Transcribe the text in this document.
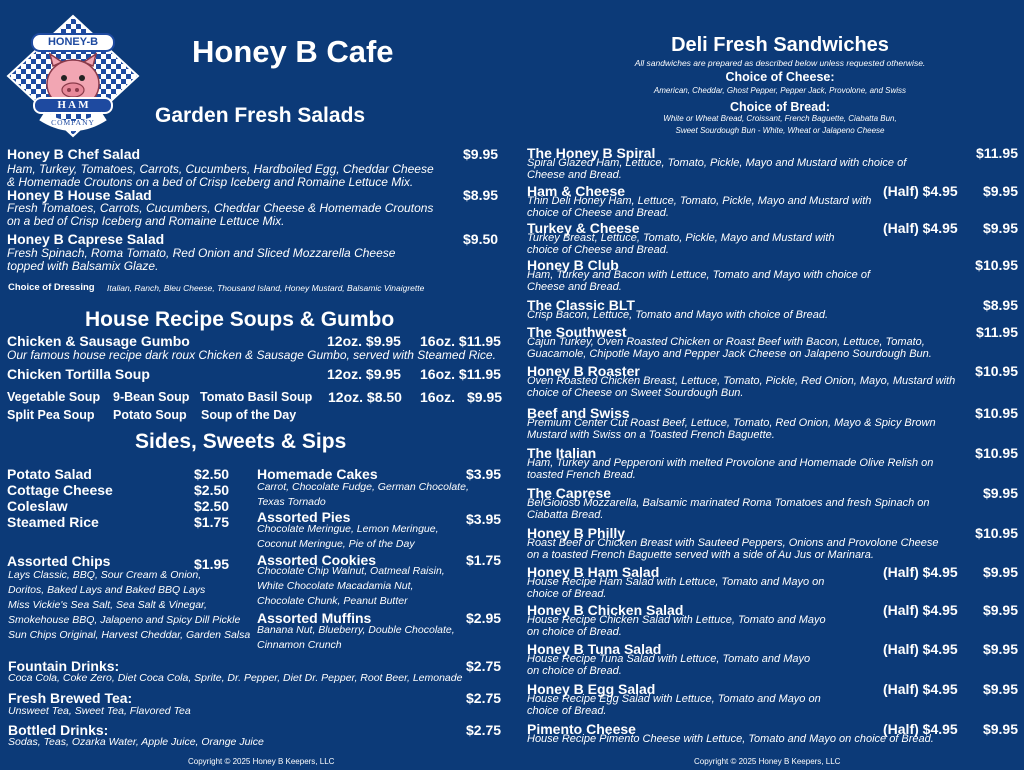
HONEY-B
H A M
COMPANY
Honey B Cafe
Garden Fresh Salads
Honey B Chef Salad	$9.95
Ham, Turkey, Tomatoes, Carrots, Cucumbers, Hardboiled Egg, Cheddar Cheese
& Homemade Croutons on a bed of Crisp Iceberg and Romaine Lettuce Mix.
Honey B House Salad	$8.95
Fresh Tomatoes, Carrots, Cucumbers, Cheddar Cheese & Homemade Croutons
on a bed of Crisp Iceberg and Romaine Lettuce Mix.
Honey B Caprese Salad	$9.50
Fresh Spinach, Roma Tomato, Red Onion and Sliced Mozzarella Cheese
topped with Balsamix Glaze.
Choice of Dressing Italian, Ranch, Bleu Cheese, Thousand Island, Honey Mustard, Balsamic Vinaigrette
House Recipe Soups & Gumbo
Chicken & Sausage Gumbo	12oz. $9.95 16oz. $11.95
Our famous house recipe dark roux Chicken & Sausage Gumbo, served with Steamed Rice.
Chicken Tortilla Soup	12oz. $9.95 16oz. $11.95
Vegetable Soup 9-Bean Soup Tomato Basil Soup 12oz. $8.50 16oz. $9.95
Split Pea Soup Potato Soup Soup of the Day
Sides, Sweets & Sips
Potato Salad	$2.50
Cottage Cheese	$2.50
Coleslaw	$2.50
Steamed Rice	$1.75
Assorted Chips	$1.95
Lays Classic, BBQ, Sour Cream & Onion,
Doritos, Baked Lays and Baked BBQ Lays
Miss Vickie's Sea Salt, Sea Salt & Vinegar,
Smokehouse BBQ, Jalapeno and Spicy Dill Pickle
Sun Chips Original, Harvest Cheddar, Garden Salsa
Homemade Cakes	$3.95
Carrot, Chocolate Fudge, German Chocolate,
Texas Tornado
Assorted Pies	$3.95
Chocolate Meringue, Lemon Meringue,
Coconut Meringue, Pie of the Day
Assorted Cookies	$1.75
Chocolate Chip Walnut, Oatmeal Raisin,
White Chocolate Macadamia Nut,
Chocolate Chunk, Peanut Butter
Assorted Muffins	$2.95
Banana Nut, Blueberry, Double Chocolate,
Cinnamon Crunch
Fountain Drinks:	$2.75
Coca Cola, Coke Zero, Diet Coca Cola, Sprite, Dr. Pepper, Diet Dr. Pepper, Root Beer, Lemonade
Fresh Brewed Tea:	$2.75
Unsweet Tea, Sweet Tea, Flavored Tea
Bottled Drinks:	$2.75
Sodas, Teas, Ozarka Water, Apple Juice, Orange Juice
Copyright © 2025 Honey B Keepers, LLC
Deli Fresh Sandwiches
All sandwiches are prepared as described below unless requested otherwise.
Choice of Cheese:
American, Cheddar, Ghost Pepper, Pepper Jack, Provolone, and Swiss
Choice of Bread:
White or Wheat Bread, Croissant, French Baguette, Ciabatta Bun,
Sweet Sourdough Bun - White, Wheat or Jalapeno Cheese
The Honey B Spiral	$11.95
Spiral Glazed Ham, Lettuce, Tomato, Pickle, Mayo and Mustard with choice of
Cheese and Bread.
Ham & Cheese	(Half) $4.95 $9.95
Thin Deli Honey Ham, Lettuce, Tomato, Pickle, Mayo and Mustard with
choice of Cheese and Bread.
Turkey & Cheese	(Half) $4.95 $9.95
Turkey Breast, Lettuce, Tomato, Pickle, Mayo and Mustard with
choice of Cheese and Bread.
Honey B Club	$10.95
Ham, Turkey and Bacon with Lettuce, Tomato and Mayo with choice of
Cheese and Bread.
The Classic BLT	$8.95
Crisp Bacon, Lettuce, Tomato and Mayo with choice of Bread.
The Southwest	$11.95
Cajun Turkey, Oven Roasted Chicken or Roast Beef with Bacon, Lettuce, Tomato,
Guacamole, Chipotle Mayo and Pepper Jack Cheese on Jalapeno Sourdough Bun.
Honey B Roaster	$10.95
Oven Roasted Chicken Breast, Lettuce, Tomato, Pickle, Red Onion, Mayo, Mustard with
choice of Cheese on Sweet Sourdough Bun.
Beef and Swiss	$10.95
Premium Center Cut Roast Beef, Lettuce, Tomato, Red Onion, Mayo & Spicy Brown
Mustard with Swiss on a Toasted French Baguette.
The Italian	$10.95
Ham, Turkey and Pepperoni with melted Provolone and Homemade Olive Relish on
toasted French Bread.
The Caprese	$9.95
BelGioioso Mozzarella, Balsamic marinated Roma Tomatoes and fresh Spinach on
Ciabatta Bread.
Honey B Philly	$10.95
Roast Beef or Chicken Breast with Sauteed Peppers, Onions and Provolone Cheese
on a toasted French Baguette served with a side of Au Jus or Marinara.
Honey B Ham Salad	(Half) $4.95 $9.95
House Recipe Ham Salad with Lettuce, Tomato and Mayo on
choice of Bread.
Honey B Chicken Salad	(Half) $4.95 $9.95
House Recipe Chicken Salad with Lettuce, Tomato and Mayo
on choice of Bread.
Honey B Tuna Salad	(Half) $4.95 $9.95
House Recipe Tuna Salad with Lettuce, Tomato and Mayo
on choice of Bread.
Honey B Egg Salad	(Half) $4.95 $9.95
House Recipe Egg Salad with Lettuce, Tomato and Mayo on
choice of Bread.
Pimento Cheese	(Half) $4.95 $9.95
House Recipe Pimento Cheese with Lettuce, Tomato and Mayo on choice of Bread.
Copyright © 2025 Honey B Keepers, LLC
